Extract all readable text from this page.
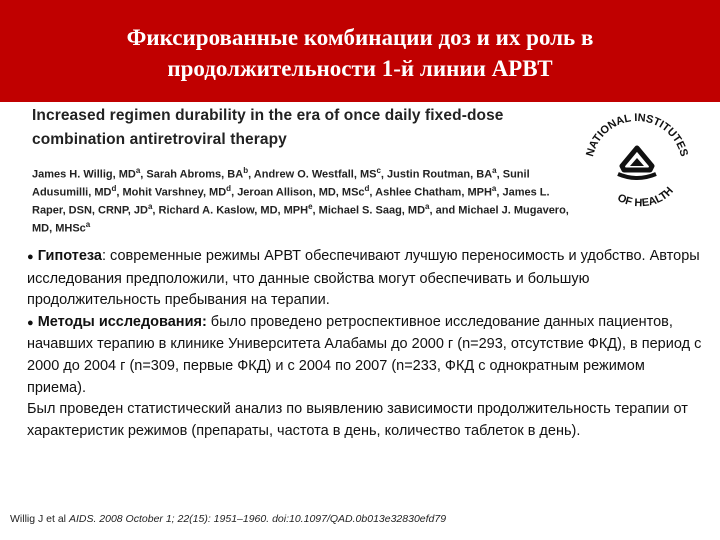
Фиксированные комбинации доз и их роль в
продолжительности 1-й линии АРВТ
Increased regimen durability in the era of once daily fixed-dose
combination antiretroviral therapy
James H. Willig, $MD^a$, Sarah Abroms, $BA^b$, Andrew O. Westfall, $MS^c$, Justin Routman, $BA^a$, Sunil Adusumilli, $MD^d$, Mohit Varshney, $MD^d$, Jeroan Allison, MD, MSc$^d$, Ashlee Chatham, MPH$^a$, James L. Raper, DSN, CRNP, $JD^a$, Richard A. Kaslow, MD, MPH$^e$, Michael S. Saag, $MD^a$, and Michael J. Mugavero, MD, MHSc$^a$
NATIONAL INSTITUTES
OF HEALTH

● Гипотеза: современные режимы АРВТ обеспечивают лучшую переносимость и удобство. Авторы исследования предположили, что данные свойства могут обеспечивать и большую продолжительность пребывания на терапии.

● Методы исследования: было проведено ретроспективное исследование данных пациентов, начавших терапию в клинике Университета Алабамы до 2000 г (n=293, отсутствие ФКД), в период с 2000 до 2004 г (n=309, первые ФКД) и с 2004 по 2007 (n=233, ФКД с однократным режимом приема).

Был проведен статистический анализ по выявлению зависимости продолжительность терапии от характеристик режимов (препараты, частота в день, количество таблеток в день).

Willig J et al AIDS. 2008 October 1; 22(15): 1951–1960. doi:10.1097/QAD.0b013e32830efd79
